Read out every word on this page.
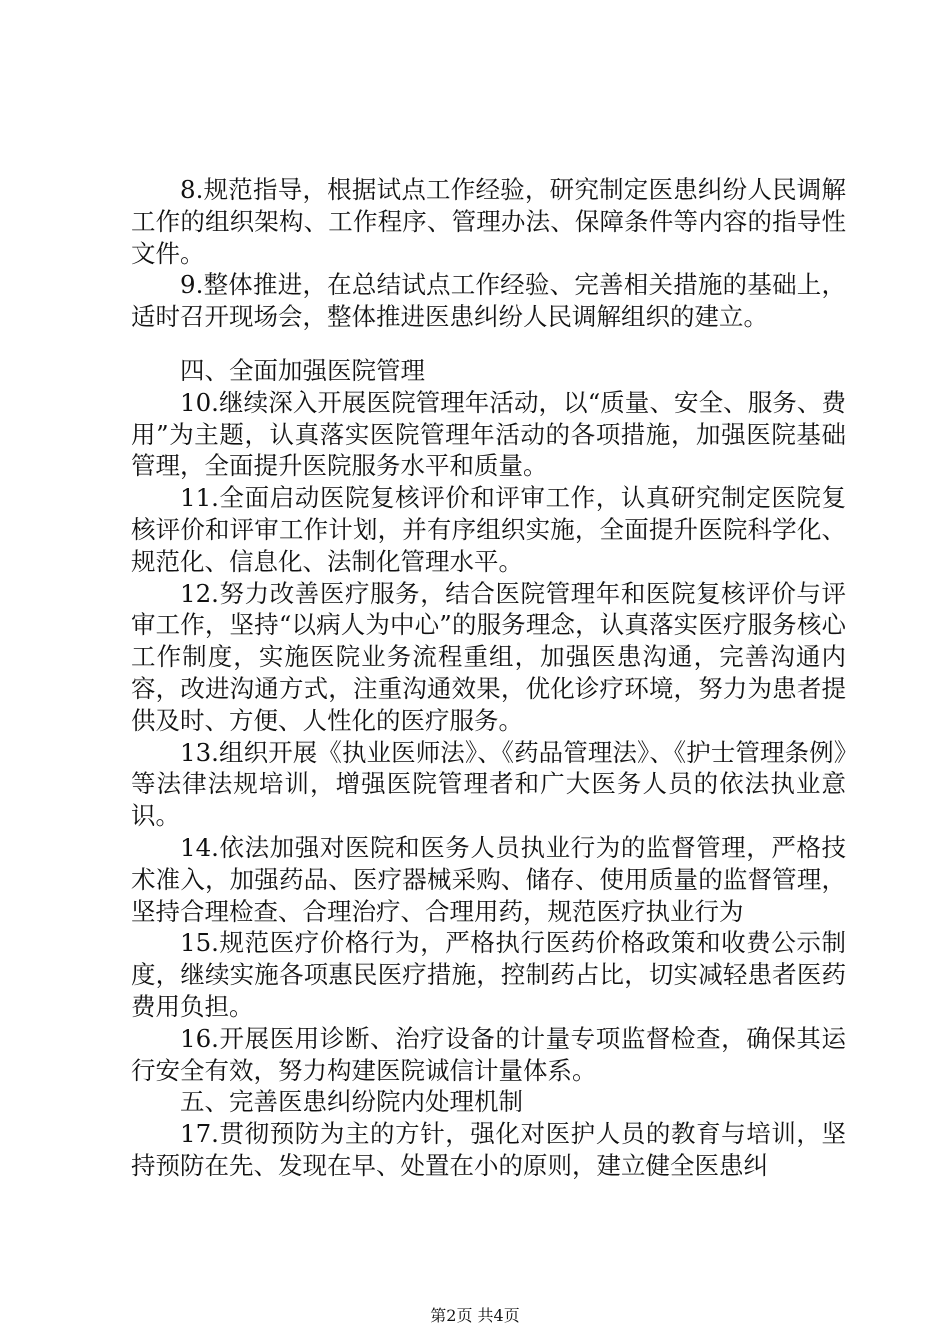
8.规范指导，根据试点工作经验，研究制定医患纠纷人民调解工作的组织架构、工作程序、管理办法、保障条件等内容的指导性文件。

9.整体推进，在总结试点工作经验、完善相关措施的基础上，适时召开现场会，整体推进医患纠纷人民调解组织的建立。

四、全面加强医院管理

10.继续深入开展医院管理年活动，以“质量、安全、服务、费用”为主题，认真落实医院管理年活动的各项措施，加强医院基础管理，全面提升医院服务水平和质量。

11.全面启动医院复核评价和评审工作，认真研究制定医院复核评价和评审工作计划，并有序组织实施，全面提升医院科学化、规范化、信息化、法制化管理水平。

12.努力改善医疗服务，结合医院管理年和医院复核评价与评审工作，坚持“以病人为中心”的服务理念，认真落实医疗服务核心工作制度，实施医院业务流程重组，加强医患沟通，完善沟通内容，改进沟通方式，注重沟通效果，优化诊疗环境，努力为患者提供及时、方便、人性化的医疗服务。

13.组织开展《执业医师法》、《药品管理法》、《护士管理条例》等法律法规培训，增强医院管理者和广大医务人员的依法执业意识。

14.依法加强对医院和医务人员执业行为的监督管理，严格技术准入，加强药品、医疗器械采购、储存、使用质量的监督管理，坚持合理检查、合理治疗、合理用药，规范医疗执业行为

15.规范医疗价格行为，严格执行医药价格政策和收费公示制度，继续实施各项惠民医疗措施，控制药占比，切实减轻患者医药费用负担。

16.开展医用诊断、治疗设备的计量专项监督检查，确保其运行安全有效，努力构建医院诚信计量体系。

五、完善医患纠纷院内处理机制

17.贯彻预防为主的方针，强化对医护人员的教育与培训，坚持预防在先、发现在早、处置在小的原则，建立健全医患纠

第2页 共4页
